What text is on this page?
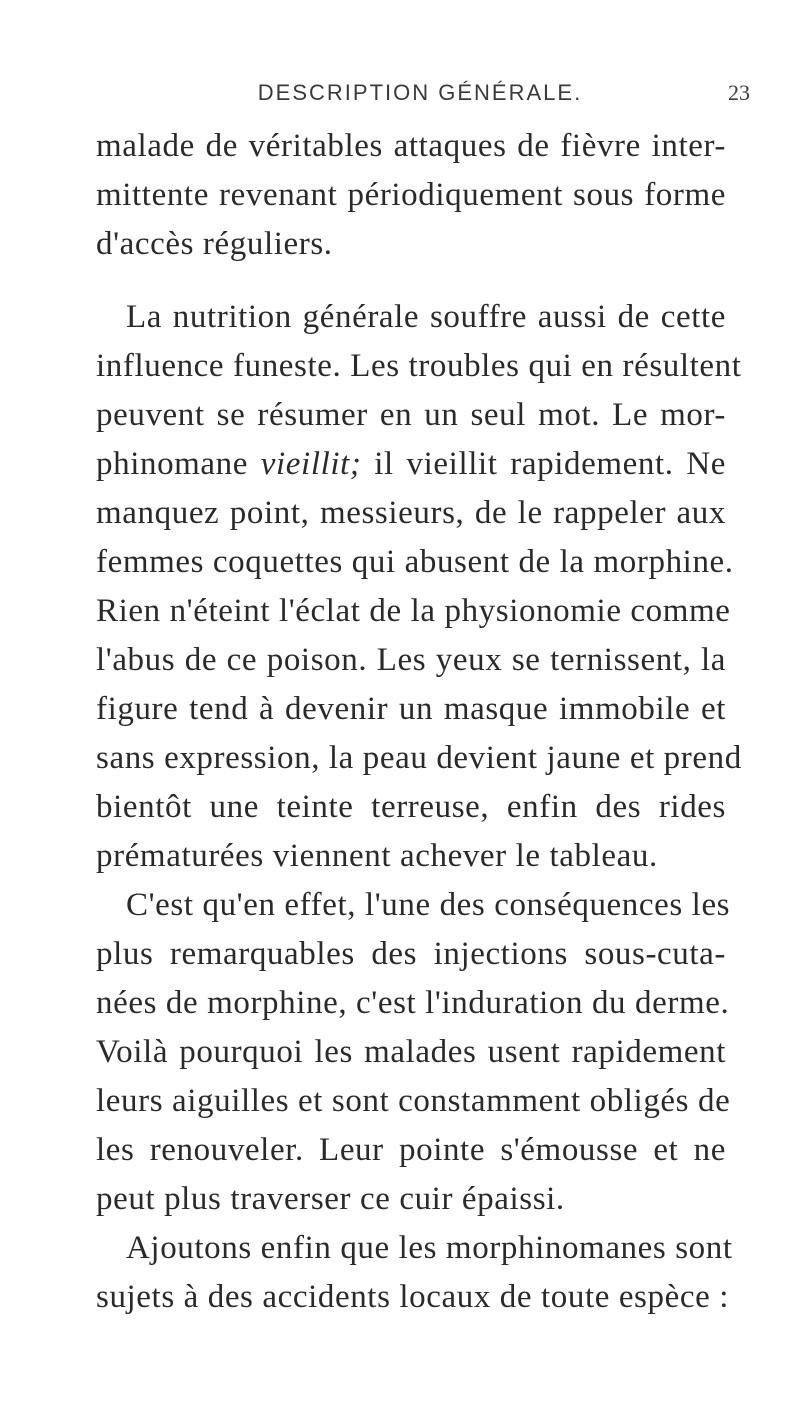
DESCRIPTION GÉNÉRALE.	23
malade de véritables attaques de fièvre inter-
mittente revenant périodiquement sous forme
d'accès réguliers.
La nutrition générale souffre aussi de cette
influence funeste. Les troubles qui en résultent
peuvent se résumer en un seul mot. Le mor-
phinomane vieillit; il vieillit rapidement. Ne
manquez point, messieurs, de le rappeler aux
femmes coquettes qui abusent de la morphine.
Rien n'éteint l'éclat de la physionomie comme
l'abus de ce poison. Les yeux se ternissent, la
figure tend à devenir un masque immobile et
sans expression, la peau devient jaune et prend
bientôt une teinte terreuse, enfin des rides
prématurées viennent achever le tableau.
C'est qu'en effet, l'une des conséquences les
plus remarquables des injections sous-cuta-
nées de morphine, c'est l'induration du derme.
Voilà pourquoi les malades usent rapidement
leurs aiguilles et sont constamment obligés de
les renouveler. Leur pointe s'émousse et ne
peut plus traverser ce cuir épaissi.
Ajoutons enfin que les morphinomanes sont
sujets à des accidents locaux de toute espèce :
